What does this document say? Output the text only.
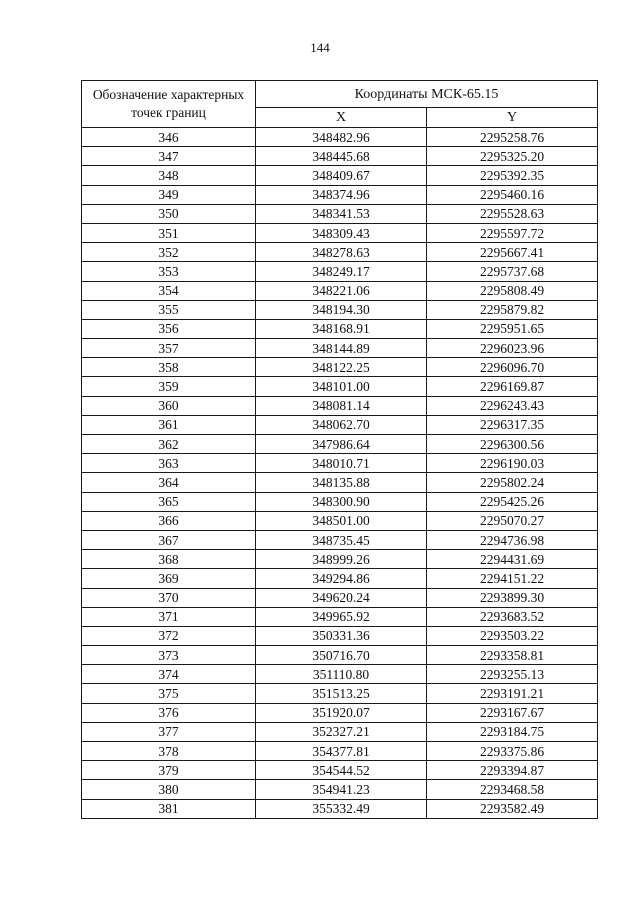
144
Обозначение характерных точек границ	Координаты МСК-65.15	
	X	Y
346	348482.96	2295258.76
347	348445.68	2295325.20
348	348409.67	2295392.35
349	348374.96	2295460.16
350	348341.53	2295528.63
351	348309.43	2295597.72
352	348278.63	2295667.41
353	348249.17	2295737.68
354	348221.06	2295808.49
355	348194.30	2295879.82
356	348168.91	2295951.65
357	348144.89	2296023.96
358	348122.25	2296096.70
359	348101.00	2296169.87
360	348081.14	2296243.43
361	348062.70	2296317.35
362	347986.64	2296300.56
363	348010.71	2296190.03
364	348135.88	2295802.24
365	348300.90	2295425.26
366	348501.00	2295070.27
367	348735.45	2294736.98
368	348999.26	2294431.69
369	349294.86	2294151.22
370	349620.24	2293899.30
371	349965.92	2293683.52
372	350331.36	2293503.22
373	350716.70	2293358.81
374	351110.80	2293255.13
375	351513.25	2293191.21
376	351920.07	2293167.67
377	352327.21	2293184.75
378	354377.81	2293375.86
379	354544.52	2293394.87
380	354941.23	2293468.58
381	355332.49	2293582.49
